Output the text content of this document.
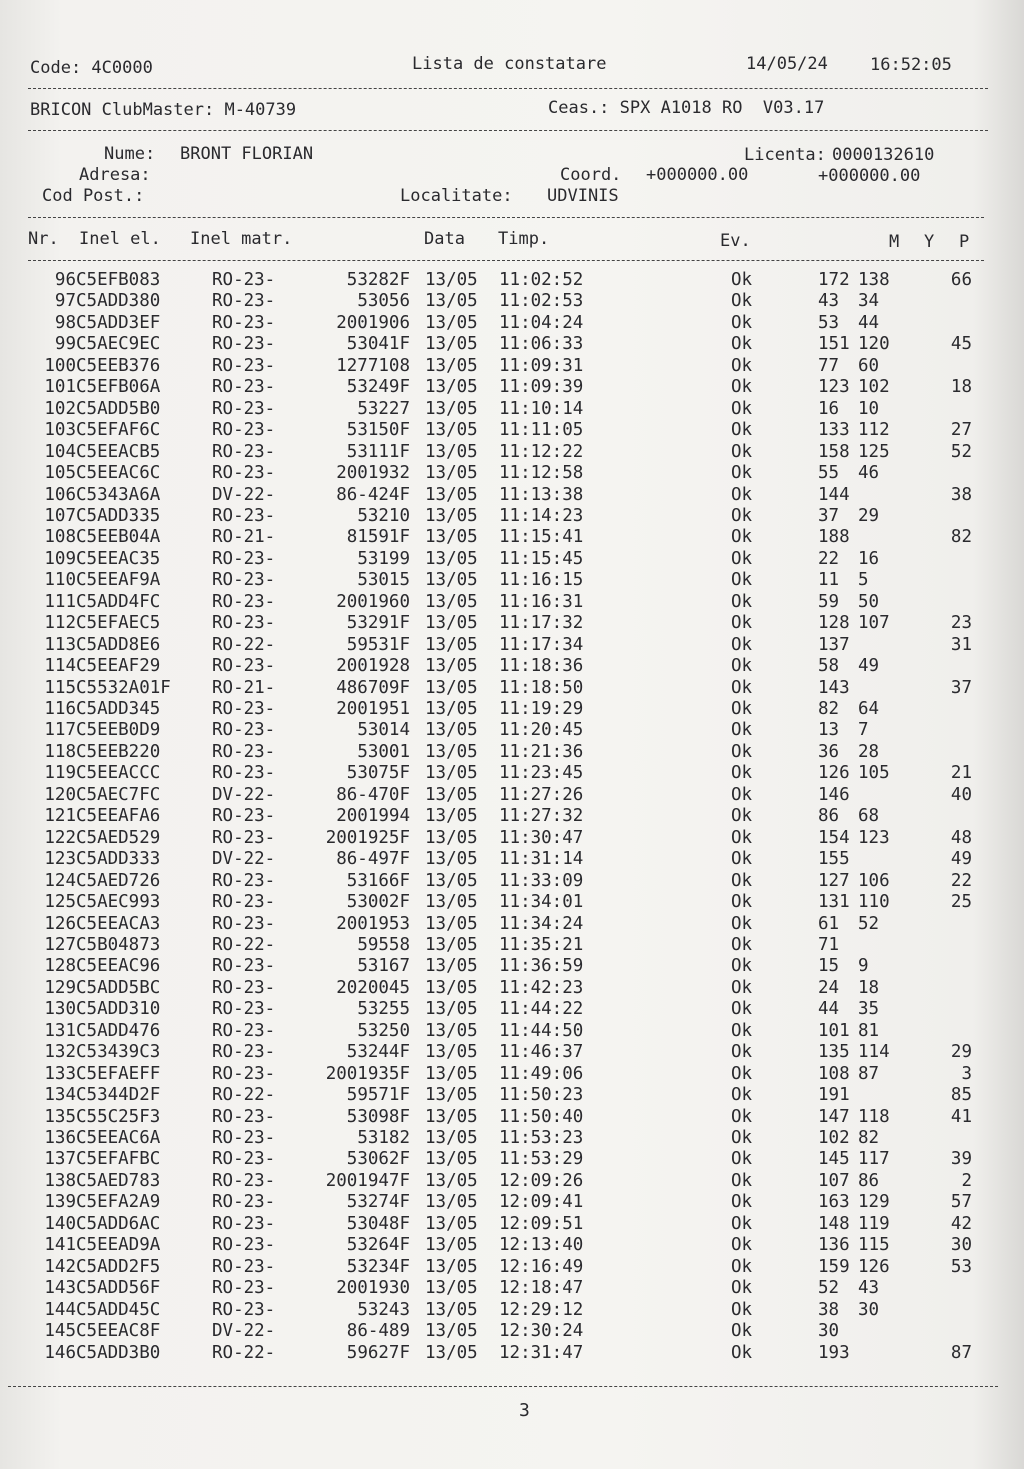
Code: 4C0000	Lista de constatare	14/05/24 16:52:05
BRICON ClubMaster: M-40739	Ceas.: SPX A1018 RO  V03.17
Nume: BRONT FLORIAN	Licenta: 0000132610
Adresa:	Coord. +000000.00	+000000.00
Cod Post.:	Localitate: UDVINIS
Nr. Inel el. Inel matr.	Data Timp.	Ev.	M Y P
96 C5EFB083	RO-23-	53282F 13/05 11:02:52	Ok	172 138	66
97 C5ADD380	RO-23-	53056 13/05 11:02:53	Ok	43 34
98 C5ADD3EF	RO-23-	2001906 13/05 11:04:24	Ok	53 44
99 C5AEC9EC	RO-23-	53041F 13/05 11:06:33	Ok	151 120	45
100 C5EEB376	RO-23-	1277108 13/05 11:09:31	Ok	77 60
101 C5EFB06A	RO-23-	53249F 13/05 11:09:39	Ok	123 102	18
102 C5ADD5B0	RO-23-	53227 13/05 11:10:14	Ok	16 10
103 C5EFAF6C	RO-23-	53150F 13/05 11:11:05	Ok	133 112	27
104 C5EEACB5	RO-23-	53111F 13/05 11:12:22	Ok	158 125	52
105 C5EEAC6C	RO-23-	2001932 13/05 11:12:58	Ok	55 46
106 C5343A6A	DV-22-	86-424F 13/05 11:13:38	Ok	144	38
107 C5ADD335	RO-23-	53210 13/05 11:14:23	Ok	37 29
108 C5EEB04A	RO-21-	81591F 13/05 11:15:41	Ok	188	82
109 C5EEAC35	RO-23-	53199 13/05 11:15:45	Ok	22 16
110 C5EEAF9A	RO-23-	53015 13/05 11:16:15	Ok	11 5
111 C5ADD4FC	RO-23-	2001960 13/05 11:16:31	Ok	59 50
112 C5EFAEC5	RO-23-	53291F 13/05 11:17:32	Ok	128 107	23
113 C5ADD8E6	RO-22-	59531F 13/05 11:17:34	Ok	137	31
114 C5EEAF29	RO-23-	2001928 13/05 11:18:36	Ok	58 49
115 C5532A01F RO-21-	486709F 13/05 11:18:50	Ok	143	37
116 C5ADD345	RO-23-	2001951 13/05 11:19:29	Ok	82 64
117 C5EEB0D9	RO-23-	53014 13/05 11:20:45	Ok	13 7
118 C5EEB220	RO-23-	53001 13/05 11:21:36	Ok	36 28
119 C5EEACCC	RO-23-	53075F 13/05 11:23:45	Ok	126 105	21
120 C5AEC7FC	DV-22-	86-470F 13/05 11:27:26	Ok	146	40
121 C5EEAFA6	RO-23-	2001994 13/05 11:27:32	Ok	86 68
122 C5AED529	RO-23-	2001925F 13/05 11:30:47	Ok	154 123	48
123 C5ADD333	DV-22-	86-497F 13/05 11:31:14	Ok	155	49
124 C5AED726	RO-23-	53166F 13/05 11:33:09	Ok	127 106	22
125 C5AEC993	RO-23-	53002F 13/05 11:34:01	Ok	131 110	25
126 C5EEACA3	RO-23-	2001953 13/05 11:34:24	Ok	61 52
127 C5B04873	RO-22-	59558 13/05 11:35:21	Ok	71
128 C5EEAC96	RO-23-	53167 13/05 11:36:59	Ok	15 9
129 C5ADD5BC	RO-23-	2020045 13/05 11:42:23	Ok	24 18
130 C5ADD310	RO-23-	53255 13/05 11:44:22	Ok	44 35
131 C5ADD476	RO-23-	53250 13/05 11:44:50	Ok	101 81
132 C53439C3	RO-23-	53244F 13/05 11:46:37	Ok	135 114	29
133 C5EFAEFF	RO-23-	2001935F 13/05 11:49:06	Ok	108 87	3
134 C5344D2F	RO-22-	59571F 13/05 11:50:23	Ok	191	85
135 C55C25F3	RO-23-	53098F 13/05 11:50:40	Ok	147 118	41
136 C5EEAC6A	RO-23-	53182 13/05 11:53:23	Ok	102 82
137 C5EFAFBC	RO-23-	53062F 13/05 11:53:29	Ok	145 117	39
138 C5AED783	RO-23-	2001947F 13/05 12:09:26	Ok	107 86	2
139 C5EFA2A9	RO-23-	53274F 13/05 12:09:41	Ok	163 129	57
140 C5ADD6AC	RO-23-	53048F 13/05 12:09:51	Ok	148 119	42
141 C5EEAD9A	RO-23-	53264F 13/05 12:13:40	Ok	136 115	30
142 C5ADD2F5	RO-23-	53234F 13/05 12:16:49	Ok	159 126	53
143 C5ADD56F	RO-23-	2001930 13/05 12:18:47	Ok	52 43
144 C5ADD45C	RO-23-	53243 13/05 12:29:12	Ok	38 30
145 C5EEAC8F	DV-22-	86-489 13/05 12:30:24	Ok	30
146 C5ADD3B0	RO-22-	59627F 13/05 12:31:47	Ok	193	87
3
